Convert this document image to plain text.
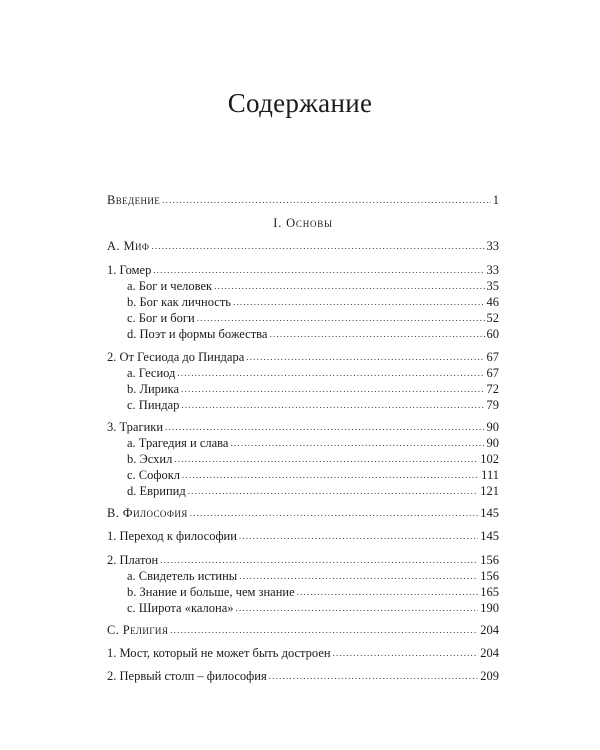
Содержание
Введение .....	1
I. Основы
А. Миф .....	33
1. Гомер .....	33
a. Бог и человек .....	35
b. Бог как личность .....	46
c. Бог и боги .....	52
d. Поэт и формы божества .....	60
2. От Гесиода до Пиндара .....	67
a. Гесиод .....	67
b. Лирика .....	72
c. Пиндар .....	79
3. Трагики .....	90
a. Трагедия и слава .....	90
b. Эсхил .....	102
c. Софокл .....	111
d. Еврипид .....	121
В. Философия .....	145
1. Переход к философии .....	145
2. Платон .....	156
a. Свидетель истины .....	156
b. Знание и больше, чем знание .....	165
c. Широта «калона» .....	190
С. Религия .....	204
1. Мост, который не может быть достроен .....	204
2. Первый столп – философия .....	209
